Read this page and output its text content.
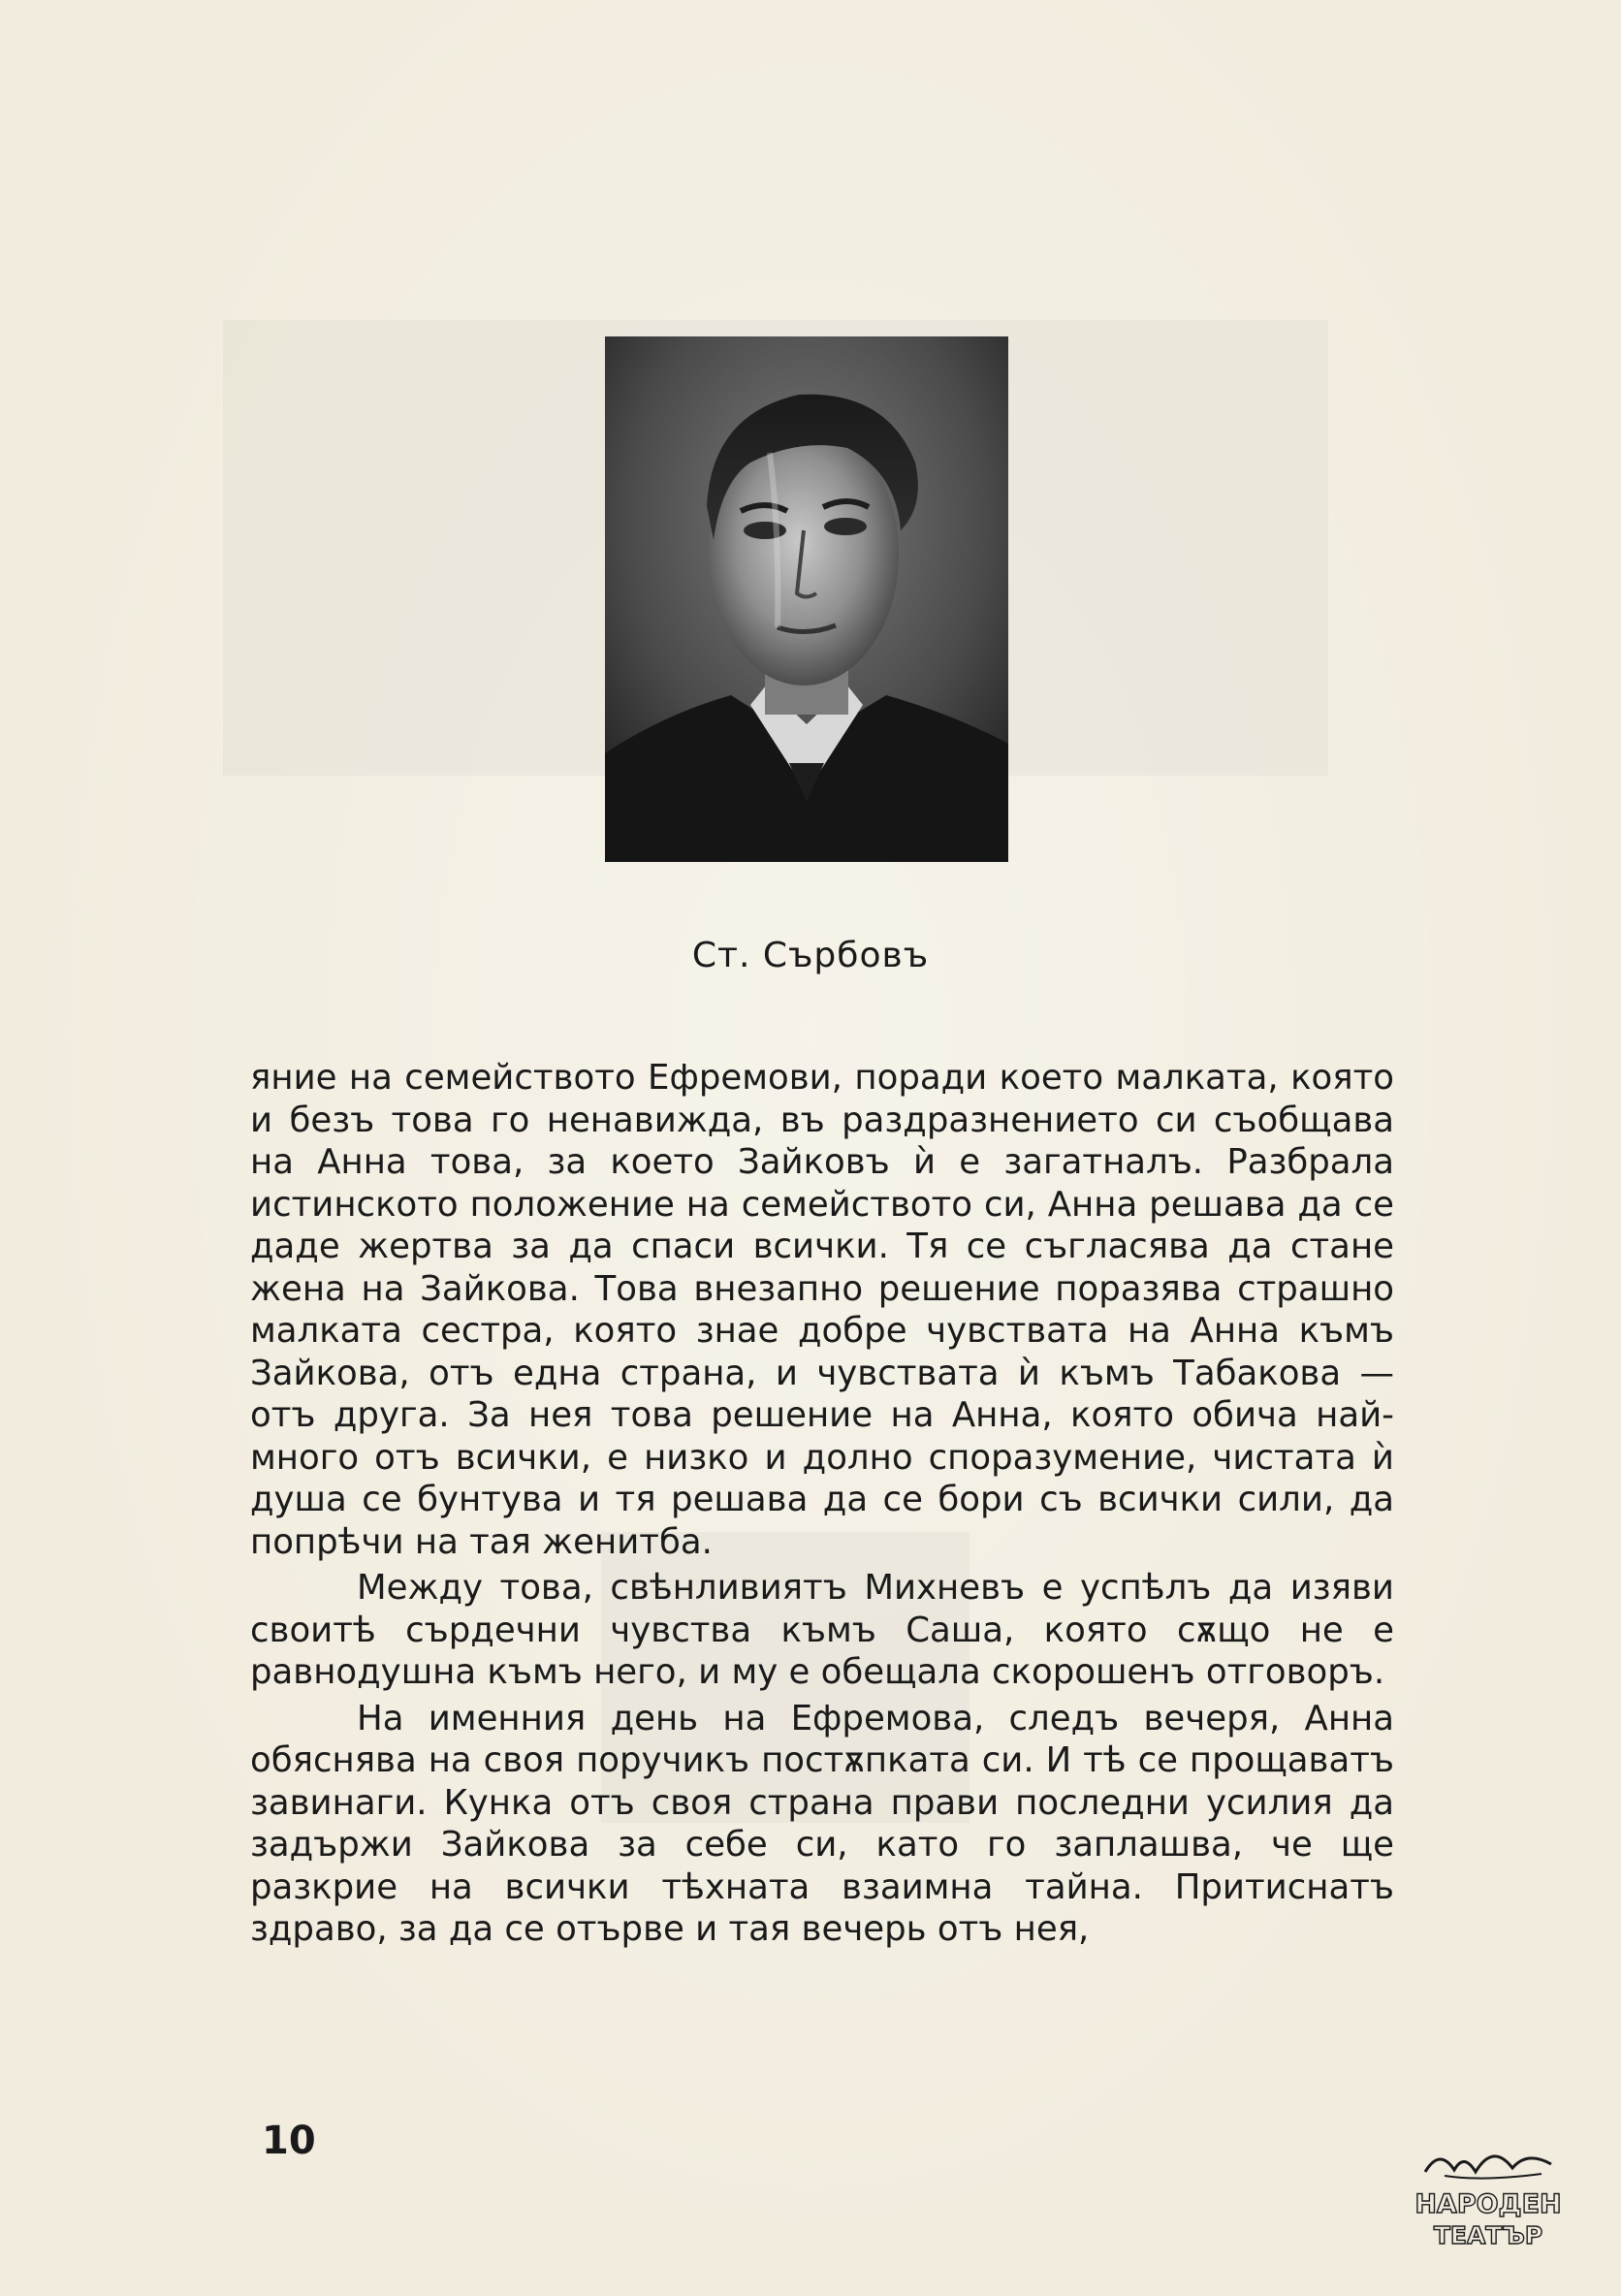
Ст. Сърбовъ

яние на семейството Ефремови, поради което малката, която и безъ това го ненавижда, въ раздразнението си съобщава на Анна това, за което Зайковъ ѝ е загатналъ. Разбрала истинското положение на семейството си, Анна решава да се даде жертва за да спаси всички. Тя се съгласява да стане жена на Зайкова. Това внезапно решение поразява страшно малката сестра, която знае добре чувствата на Анна къмъ Зайкова, отъ една страна, и чувствата ѝ къмъ Табакова — отъ друга. За нея това решение на Анна, която обича най-много отъ всички, е низко и долно споразумение, чистата ѝ душа се бунтува и тя решава да се бори съ всички сили, да попрѣчи на тая женитба.

Между това, свѣнливиятъ Михневъ е успѣлъ да изяви своитѣ сърдечни чувства къмъ Саша, която сѫщо не е равнодушна къмъ него, и му е обещала скорошенъ отговоръ.

На именния день на Ефремова, следъ вечеря, Анна обяснява на своя поручикъ постѫпката си. И тѣ се прощаватъ завинаги. Кунка отъ своя страна прави последни усилия да задържи Зайкова за себе си, като го заплашва, че ще разкрие на всички тѣхната взаимна тайна. Притиснатъ здраво, за да се отърве и тая вечерь отъ нея,

10
НАРОДЕН
ТЕАТЪР
